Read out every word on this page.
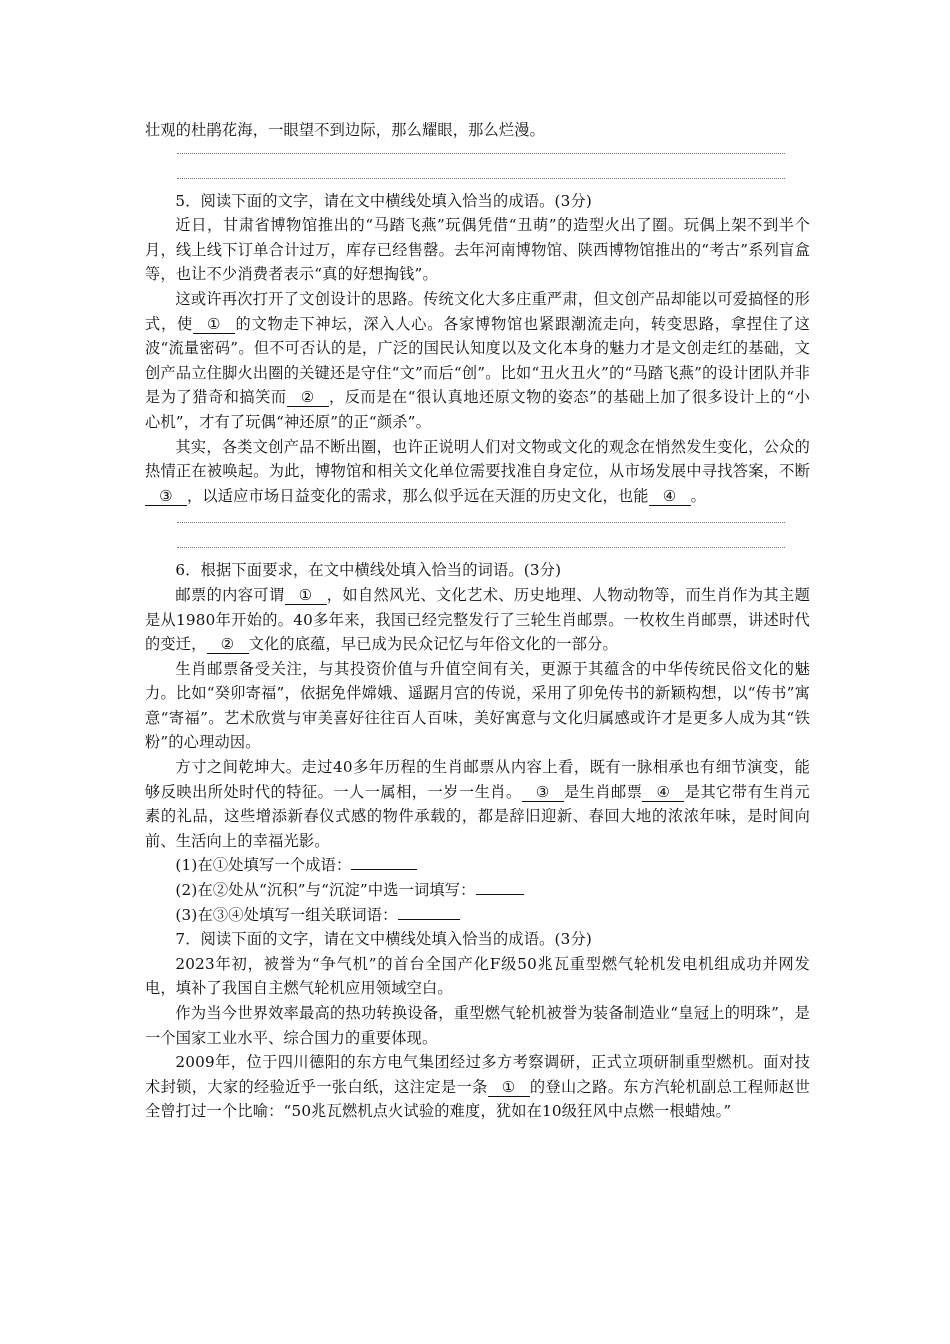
壮观的杜鹃花海，一眼望不到边际，那么耀眼，那么烂漫。

5．阅读下面的文字，请在文中横线处填入恰当的成语。(3分)

近日，甘肃省博物馆推出的“马踏飞燕”玩偶凭借“丑萌”的造型火出了圈。玩偶上架不到半个月，线上线下订单合计过万，库存已经售罄。去年河南博物馆、陕西博物馆推出的“考古”系列盲盒等，也让不少消费者表示“真的好想掏钱”。

这或许再次打开了文创设计的思路。传统文化大多庄重严肃，但文创产品却能以可爱搞怪的形式，使 ① 的文物走下神坛，深入人心。各家博物馆也紧跟潮流走向，转变思路，拿捏住了这波“流量密码”。但不可否认的是，广泛的国民认知度以及文化本身的魅力才是文创走红的基础，文创产品立住脚火出圈的关键还是守住“文”而后“创”。比如“丑火丑火”的“马踏飞燕”的设计团队并非是为了猎奇和搞笑而 ② ，反而是在“很认真地还原文物的姿态”的基础上加了很多设计上的“小心机”，才有了玩偶“神还原”的正“颜杀”。

其实，各类文创产品不断出圈，也许正说明人们对文物或文化的观念在悄然发生变化，公众的热情正在被唤起。为此，博物馆和相关文化单位需要找准自身定位，从市场发展中寻找答案，不断③ ，以适应市场日益变化的需求，那么似乎远在天涯的历史文化，也能 ④ 。

6．根据下面要求，在文中横线处填入恰当的词语。(3分)

邮票的内容可谓 ① ，如自然风光、文化艺术、历史地理、人物动物等，而生肖作为其主题是从1980年开始的。40多年来，我国已经完整发行了三轮生肖邮票。一枚枚生肖邮票，讲述时代的变迁， ② 文化的底蕴，早已成为民众记忆与年俗文化的一部分。

生肖邮票备受关注，与其投资价值与升值空间有关，更源于其蕴含的中华传统民俗文化的魅力。比如“癸卯寄福”，依据免伴嫦娥、遥踞月宫的传说，采用了卯免传书的新颖构想，以“传书”寓意“寄福”。艺术欣赏与审美喜好往往百人百味，美好寓意与文化归属感或许才是更多人成为其“铁粉”的心理动因。

方寸之间乾坤大。走过40多年历程的生肖邮票从内容上看，既有一脉相承也有细节演变，能够反映出所处时代的特征。一人一属相，一岁一生肖。 ③ 是生肖邮票 ④ 是其它带有生肖元素的礼品，这些增添新春仪式感的物件承载的，都是辞旧迎新、春回大地的浓浓年味，是时间向前、生活向上的幸福光影。

(1)在①处填写一个成语：

(2)在②处从“沉积”与“沉淀”中选一词填写：

(3)在③④处填写一组关联词语：

7．阅读下面的文字，请在文中横线处填入恰当的成语。(3分)

2023年初，被誉为“争气机”的首台全国产化F级50兆瓦重型燃气轮机发电机组成功并网发电，填补了我国自主燃气轮机应用领域空白。

作为当今世界效率最高的热功转换设备，重型燃气轮机被誉为装备制造业“皇冠上的明珠”，是一个国家工业水平、综合国力的重要体现。

2009年，位于四川德阳的东方电气集团经过多方考察调研，正式立项研制重型燃机。面对技术封锁，大家的经验近乎一张白纸，这注定是一条 ① 的登山之路。东方汽轮机副总工程师赵世全曾打过一个比喻：“50兆瓦燃机点火试验的难度，犹如在10级狂风中点燃一根蜡烛。”
